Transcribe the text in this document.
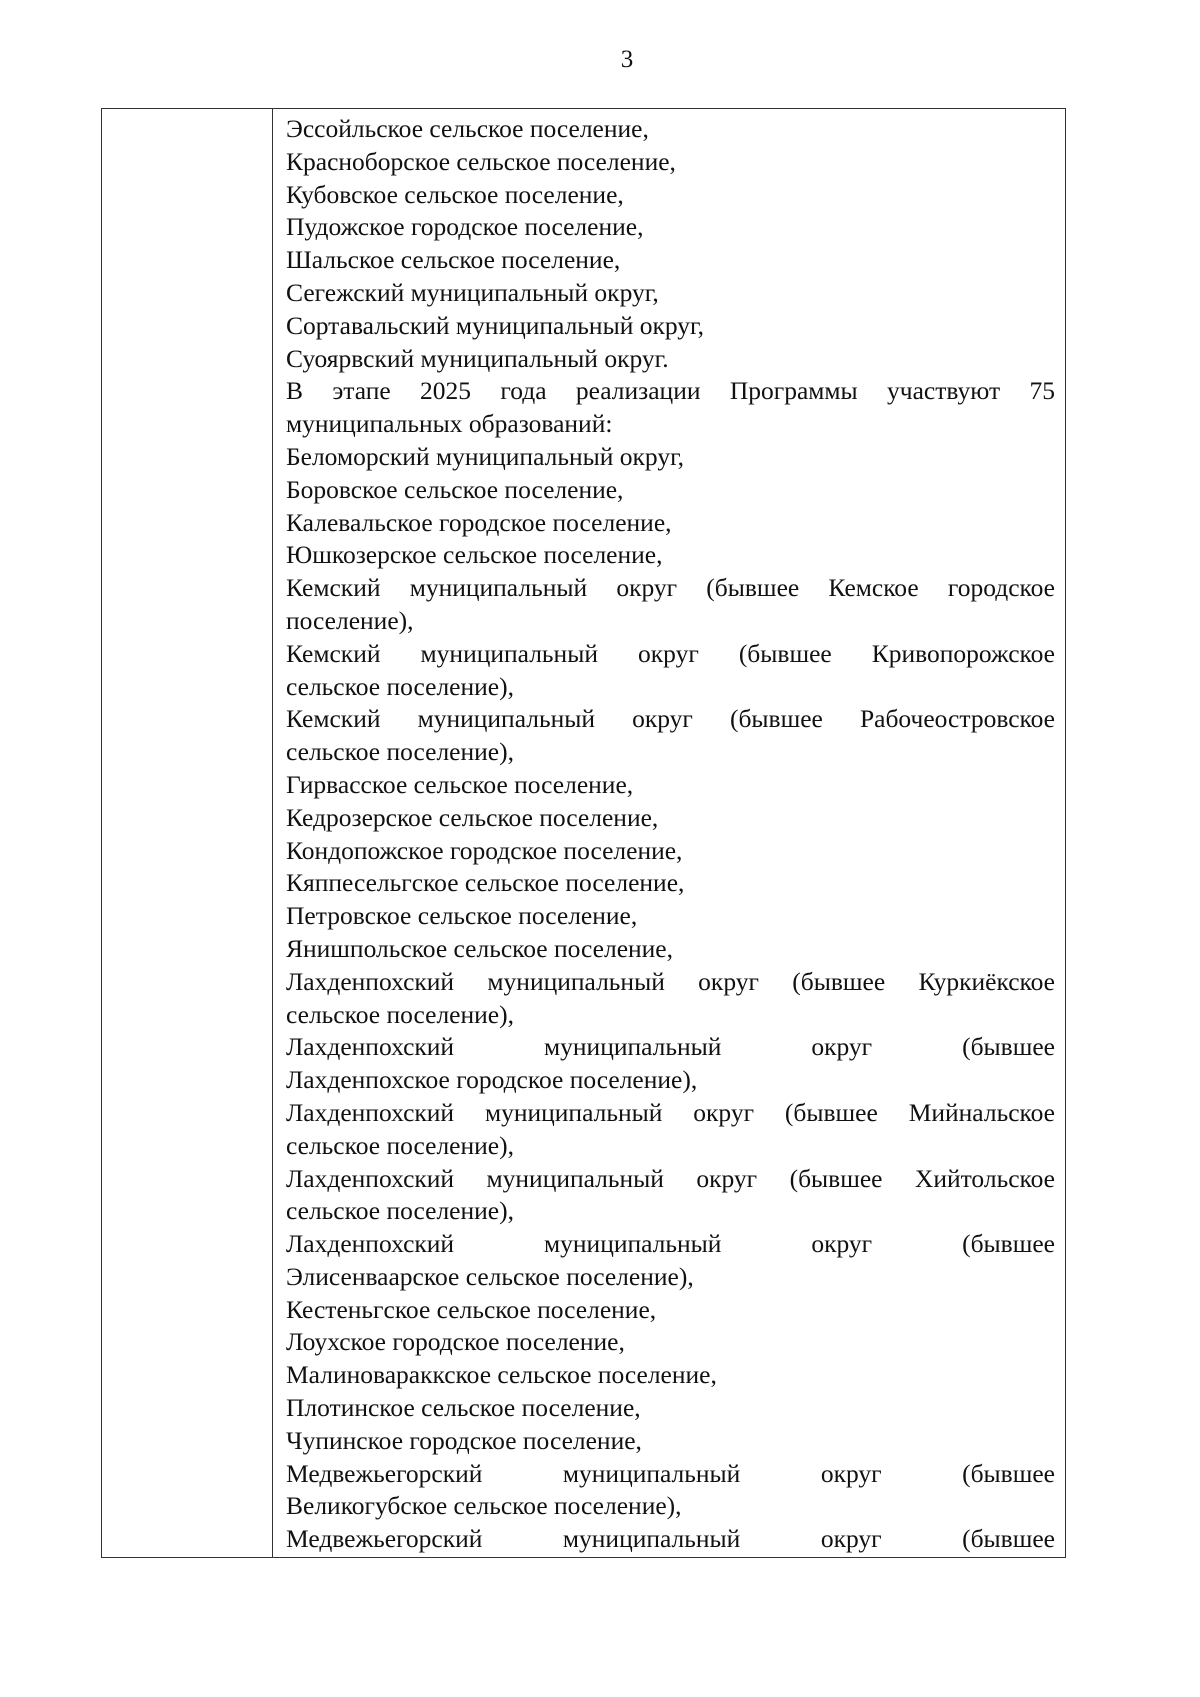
3
Эссойльское сельское поселение,
Красноборское сельское поселение,
Кубовское сельское поселение,
Пудожское городское поселение,
Шальское сельское поселение,
Сегежский муниципальный округ,
Сортавальский муниципальный округ,
Суоярвский муниципальный округ.
В этапе 2025 года реализации Программы участвуют 75
муниципальных образований:
Беломорский муниципальный округ,
Боровское сельское поселение,
Калевальское городское поселение,
Юшкозерское сельское поселение,
Кемский муниципальный округ (бывшее Кемское городское
поселение),
Кемский муниципальный округ (бывшее Кривопорожское
сельское поселение),
Кемский муниципальный округ (бывшее Рабочеостровское
сельское поселение),
Гирвасское сельское поселение,
Кедрозерское сельское поселение,
Кондопожское городское поселение,
Кяппесельгское сельское поселение,
Петровское сельское поселение,
Янишпольское сельское поселение,
Лахденпохский муниципальный округ (бывшее Куркиёкское
сельское поселение),
Лахденпохский муниципальный округ (бывшее
Лахденпохское городское поселение),
Лахденпохский муниципальный округ (бывшее Мийнальское
сельское поселение),
Лахденпохский муниципальный округ (бывшее Хийтольское
сельское поселение),
Лахденпохский муниципальный округ (бывшее
Элисенваарское сельское поселение),
Кестеньгское сельское поселение,
Лоухское городское поселение,
Малиновараккское сельское поселение,
Плотинское сельское поселение,
Чупинское городское поселение,
Медвежьегорский муниципальный округ (бывшее
Великогубское сельское поселение),
Медвежьегорский муниципальный округ (бывшее
